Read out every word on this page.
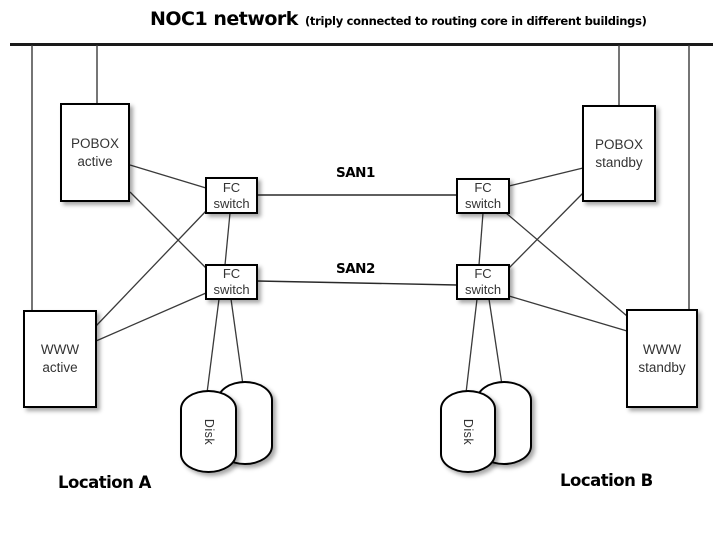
NOC1 network (triply connected to routing core in different buildings)
POBOX
active
POBOX
standby
WWW
active
WWW
standby
FC
switch
FC
switch
FC
switch
FC
switch
Disk	Disk
SAN1
SAN2
Location A	Location B
